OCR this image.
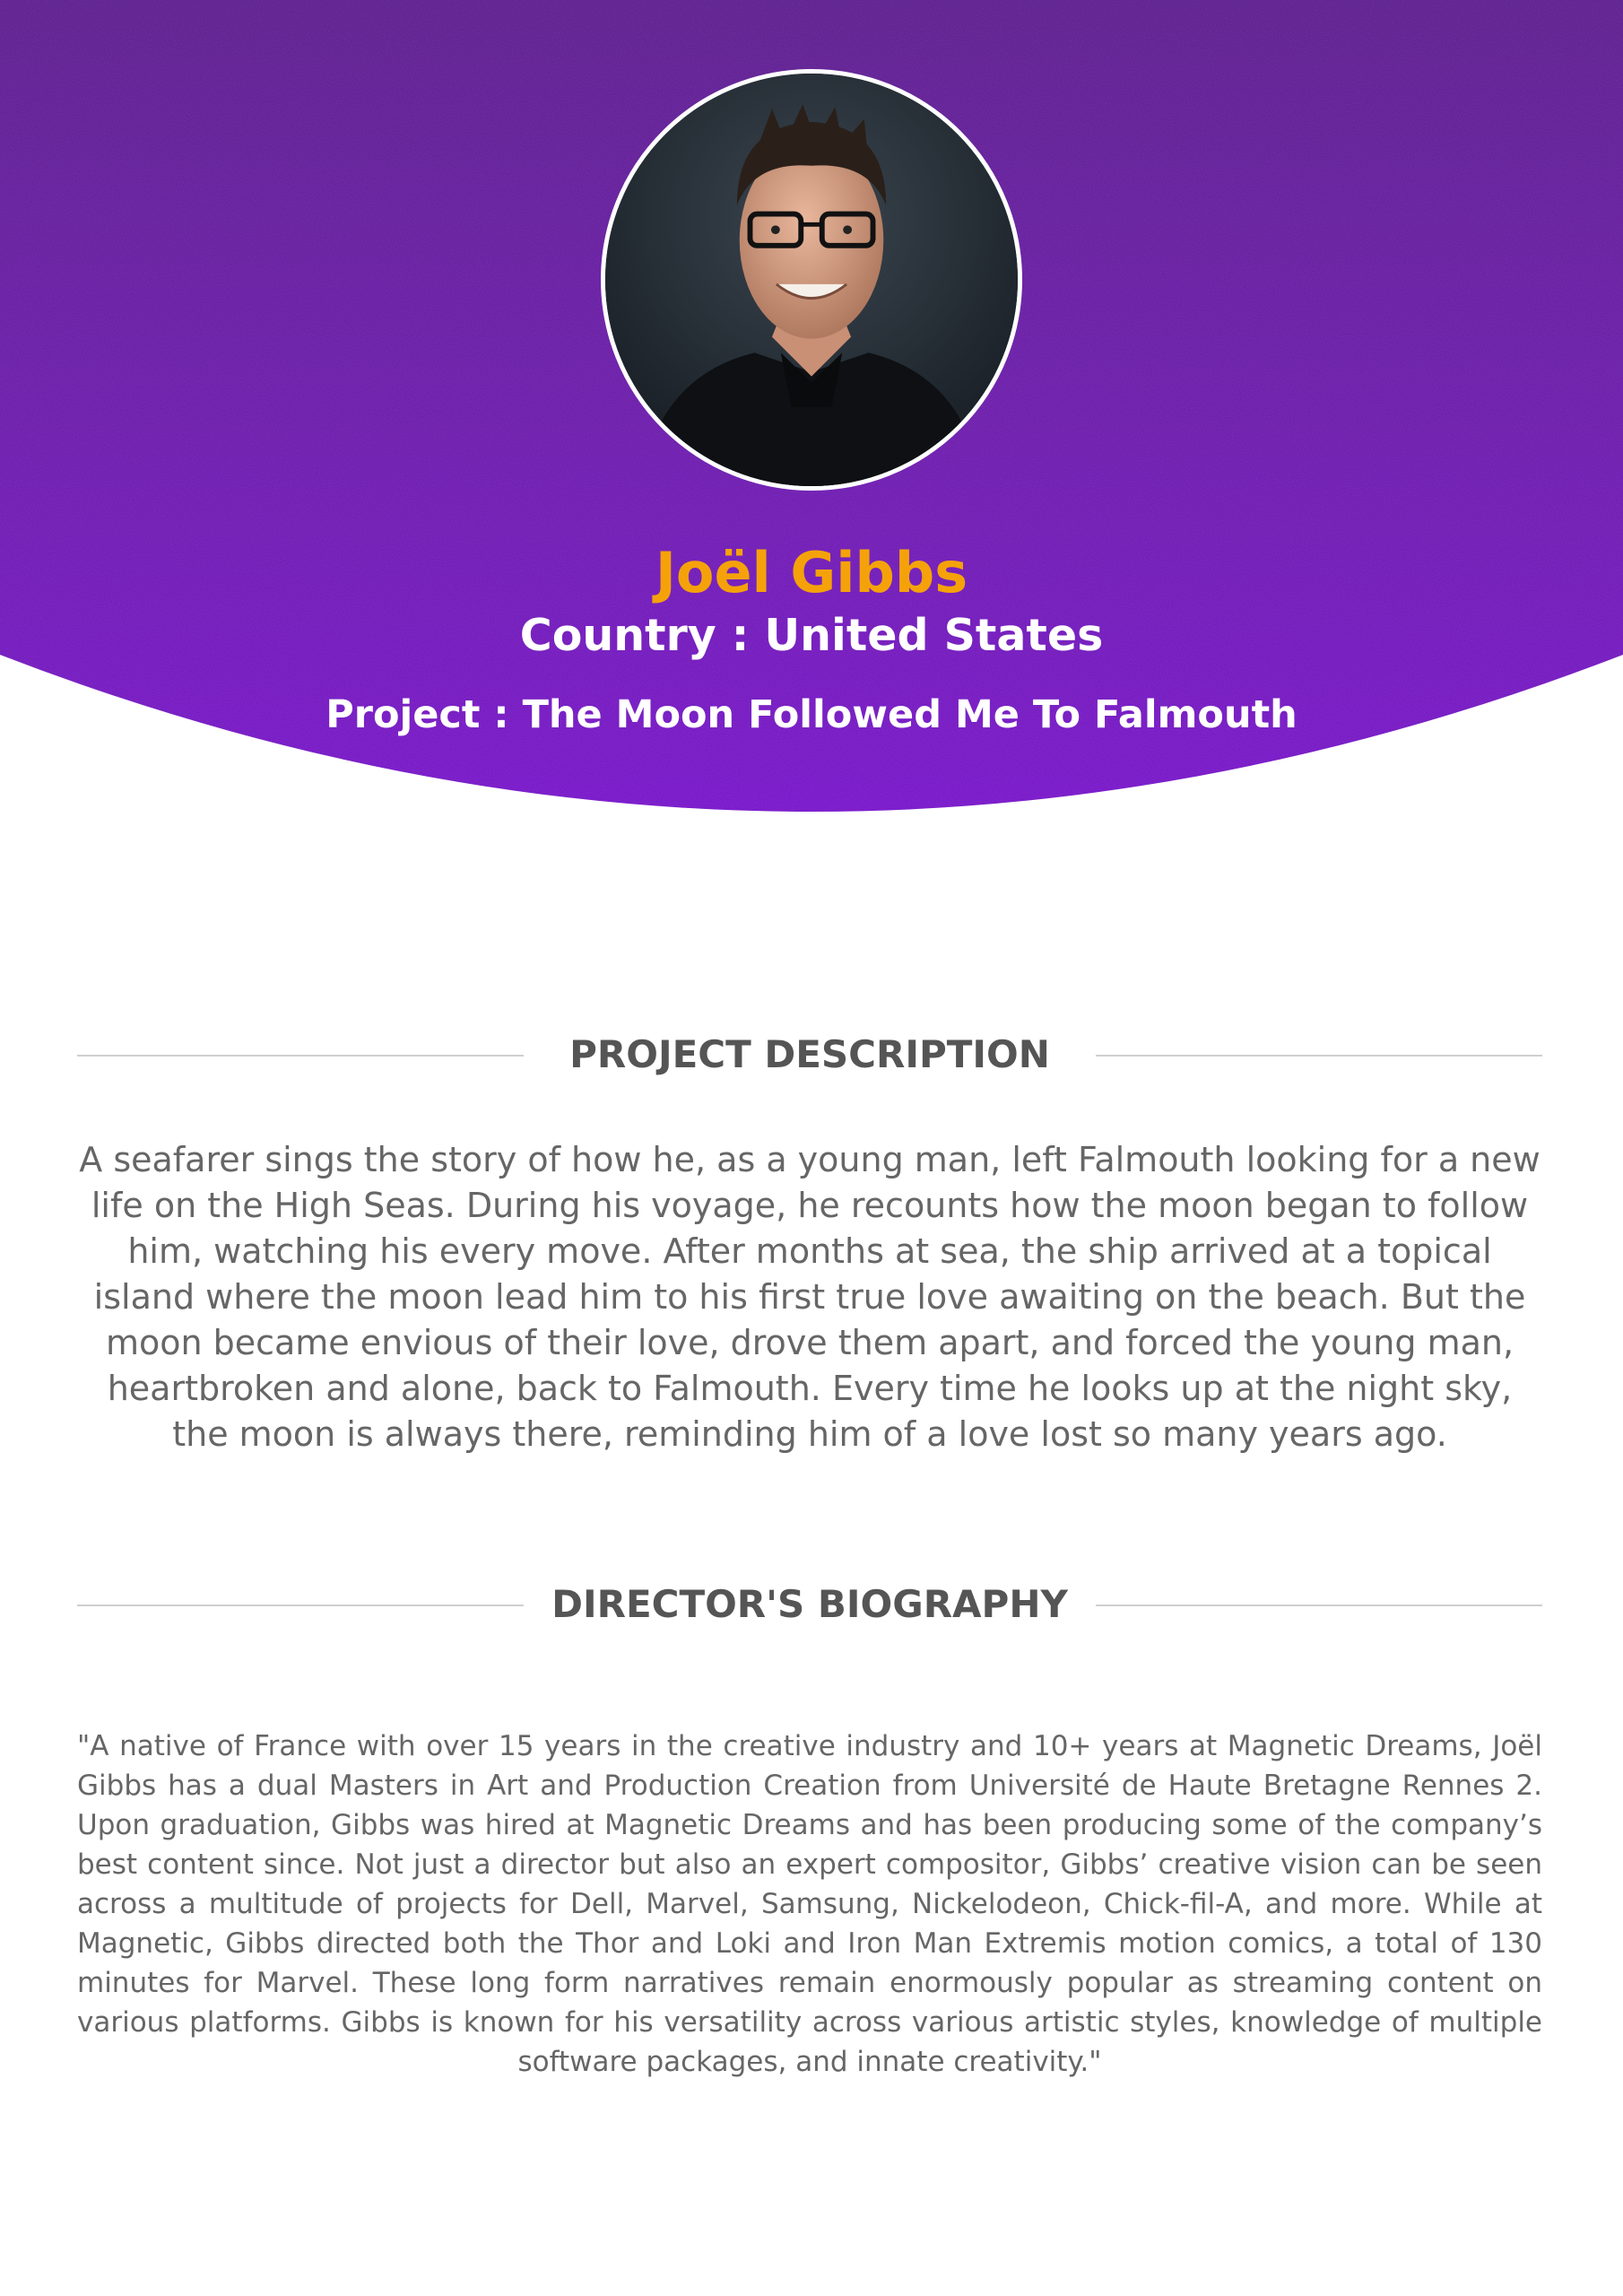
Joël Gibbs
Country : United States
Project : The Moon Followed Me To Falmouth
PROJECT DESCRIPTION
A seafarer sings the story of how he, as a young man, left Falmouth looking for a new life on the High Seas. During his voyage, he recounts how the moon began to follow him, watching his every move. After months at sea, the ship arrived at a topical island where the moon lead him to his first true love awaiting on the beach. But the moon became envious of their love, drove them apart, and forced the young man, heartbroken and alone, back to Falmouth. Every time he looks up at the night sky, the moon is always there, reminding him of a love lost so many years ago.
DIRECTOR'S BIOGRAPHY
"A native of France with over 15 years in the creative industry and 10+ years at Magnetic Dreams, Joël Gibbs has a dual Masters in Art and Production Creation from Université de Haute Bretagne Rennes 2. Upon graduation, Gibbs was hired at Magnetic Dreams and has been producing some of the company’s best content since. Not just a director but also an expert compositor, Gibbs’ creative vision can be seen across a multitude of projects for Dell, Marvel, Samsung, Nickelodeon, Chick-fil-A, and more. While at Magnetic, Gibbs directed both the Thor and Loki and Iron Man Extremis motion comics, a total of 130 minutes for Marvel. These long form narratives remain enormously popular as streaming content on various platforms. Gibbs is known for his versatility across various artistic styles, knowledge of multiple software packages, and innate creativity."
